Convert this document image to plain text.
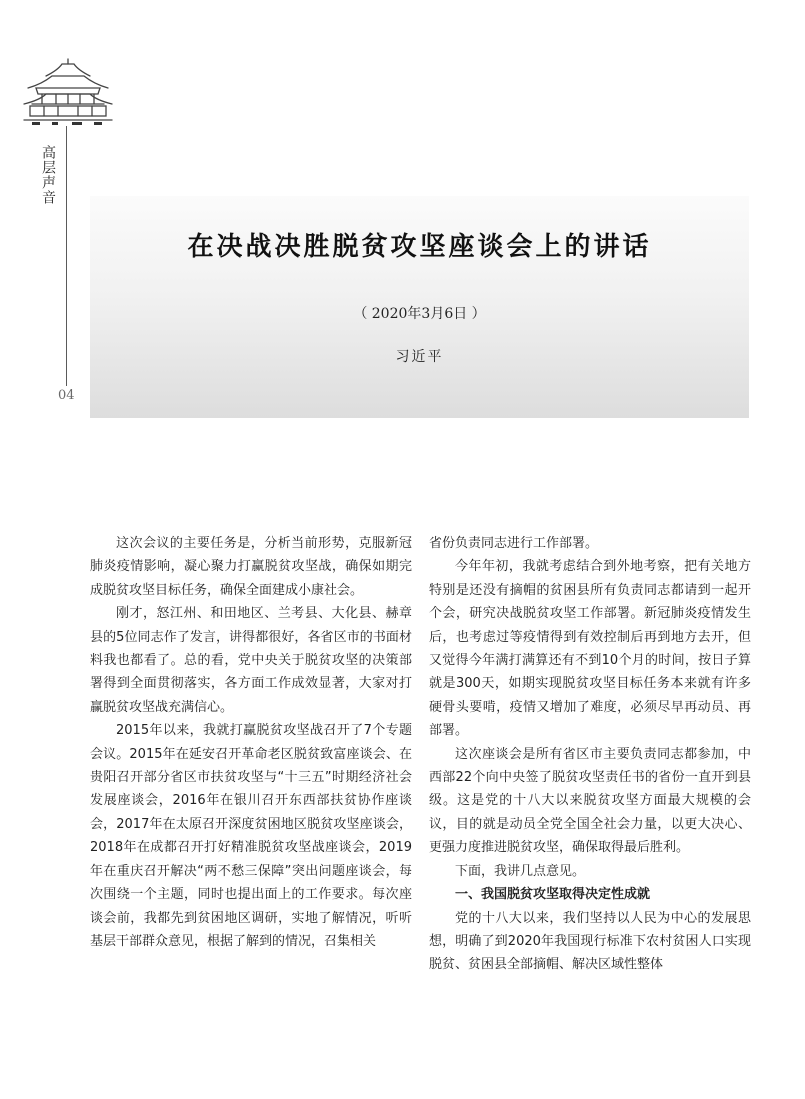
高层声音
04
在决战决胜脱贫攻坚座谈会上的讲话
（ 2020年3月6日 ）
习近平

这次会议的主要任务是，分析当前形势，克服新冠肺炎疫情影响，凝心聚力打赢脱贫攻坚战，确保如期完成脱贫攻坚目标任务，确保全面建成小康社会。

刚才，怒江州、和田地区、兰考县、大化县、赫章县的5位同志作了发言，讲得都很好，各省区市的书面材料我也都看了。总的看，党中央关于脱贫攻坚的决策部署得到全面贯彻落实，各方面工作成效显著，大家对打赢脱贫攻坚战充满信心。

2015年以来，我就打赢脱贫攻坚战召开了7个专题会议。2015年在延安召开革命老区脱贫致富座谈会、在贵阳召开部分省区市扶贫攻坚与“十三五”时期经济社会发展座谈会，2016年在银川召开东西部扶贫协作座谈会，2017年在太原召开深度贫困地区脱贫攻坚座谈会，2018年在成都召开打好精准脱贫攻坚战座谈会，2019年在重庆召开解决“两不愁三保障”突出问题座谈会，每次围绕一个主题，同时也提出面上的工作要求。每次座谈会前，我都先到贫困地区调研，实地了解情况，听听基层干部群众意见，根据了解到的情况，召集相关

省份负责同志进行工作部署。

今年年初，我就考虑结合到外地考察，把有关地方特别是还没有摘帽的贫困县所有负责同志都请到一起开个会，研究决战脱贫攻坚工作部署。新冠肺炎疫情发生后，也考虑过等疫情得到有效控制后再到地方去开，但又觉得今年满打满算还有不到10个月的时间，按日子算就是300天，如期实现脱贫攻坚目标任务本来就有许多硬骨头要啃，疫情又增加了难度，必须尽早再动员、再部署。

这次座谈会是所有省区市主要负责同志都参加，中西部22个向中央签了脱贫攻坚责任书的省份一直开到县级。这是党的十八大以来脱贫攻坚方面最大规模的会议，目的就是动员全党全国全社会力量，以更大决心、更强力度推进脱贫攻坚，确保取得最后胜利。

下面，我讲几点意见。

一、我国脱贫攻坚取得决定性成就

党的十八大以来，我们坚持以人民为中心的发展思想，明确了到2020年我国现行标准下农村贫困人口实现脱贫、贫困县全部摘帽、解决区域性整体
